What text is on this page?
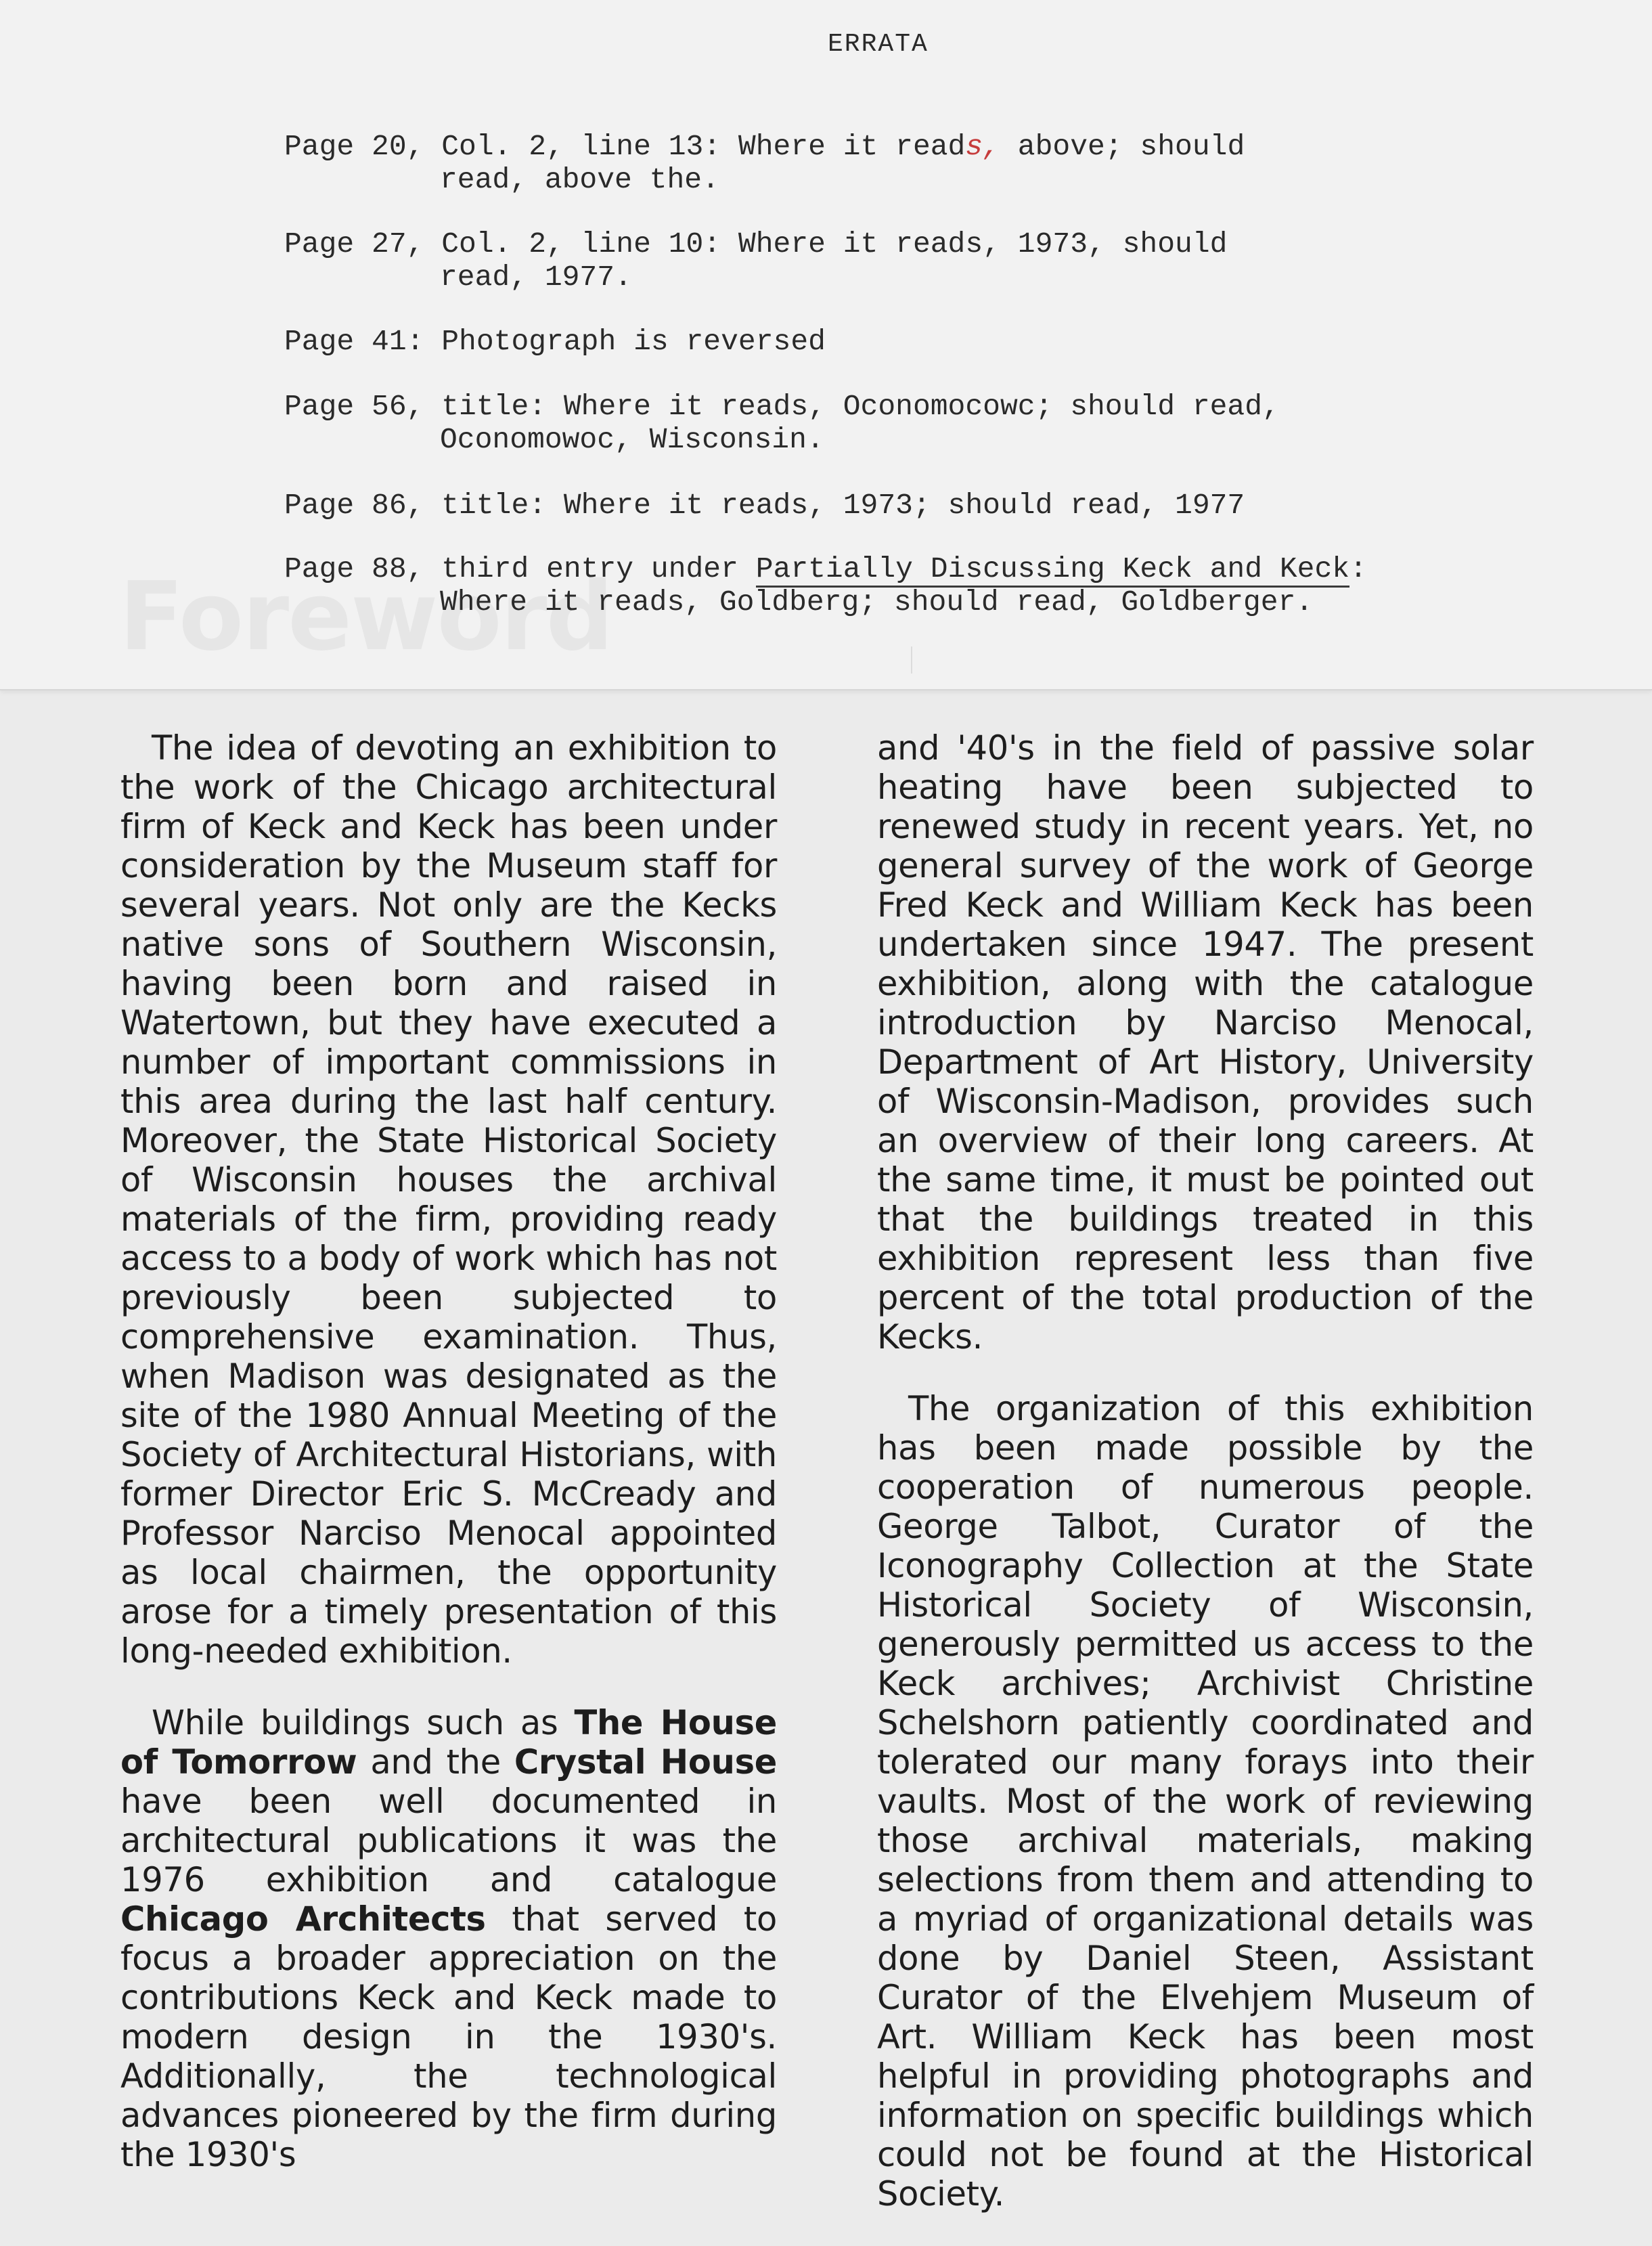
ERRATA
Page 20, Col. 2, line 13: Where it reads, above; should
read, above the.
Page 27, Col. 2, line 10: Where it reads, 1973, should
read, 1977.
Page 41: Photograph is reversed
Page 56, title: Where it reads, Oconomocowc; should read,
Oconomowoc, Wisconsin.
Page 86, title: Where it reads, 1973; should read, 1977
Page 88, third entry under Partially Discussing Keck and Keck:
Where it reads, Goldberg; should read, Goldberger.

The idea of devoting an exhibition to the work of the Chicago architectural firm of Keck and Keck has been under consideration by the Museum staff for several years. Not only are the Kecks native sons of Southern Wisconsin, having been born and raised in Watertown, but they have executed a number of important commissions in this area during the last half century. Moreover, the State Historical Society of Wisconsin houses the archival materials of the firm, providing ready access to a body of work which has not previously been subjected to comprehensive examination. Thus, when Madison was designated as the site of the 1980 Annual Meeting of the Society of Architectural Historians, with former Director Eric S. McCready and Professor Narciso Menocal appointed as local chairmen, the opportunity arose for a timely presentation of this long-needed exhibition.

While buildings such as The House of Tomorrow and the Crystal House have been well documented in architectural publications it was the 1976 exhibition and catalogue Chicago Architects that served to focus a broader appreciation on the contributions Keck and Keck made to modern design in the 1930's. Additionally, the technological advances pioneered by the firm during the 1930's

and '40's in the field of passive solar heating have been subjected to renewed study in recent years. Yet, no general survey of the work of George Fred Keck and William Keck has been undertaken since 1947. The present exhibition, along with the catalogue introduction by Narciso Menocal, Department of Art History, University of Wisconsin-Madison, provides such an overview of their long careers. At the same time, it must be pointed out that the buildings treated in this exhibition represent less than five percent of the total production of the Kecks.

The organization of this exhibition has been made possible by the cooperation of numerous people. George Talbot, Curator of the Iconography Collection at the State Historical Society of Wisconsin, generously permitted us access to the Keck archives; Archivist Christine Schelshorn patiently coordinated and tolerated our many forays into their vaults. Most of the work of reviewing those archival materials, making selections from them and attending to a myriad of organizational details was done by Daniel Steen, Assistant Curator of the Elvehjem Museum of Art. William Keck has been most helpful in providing photographs and information on specific buildings which could not be found at the Historical Society.
